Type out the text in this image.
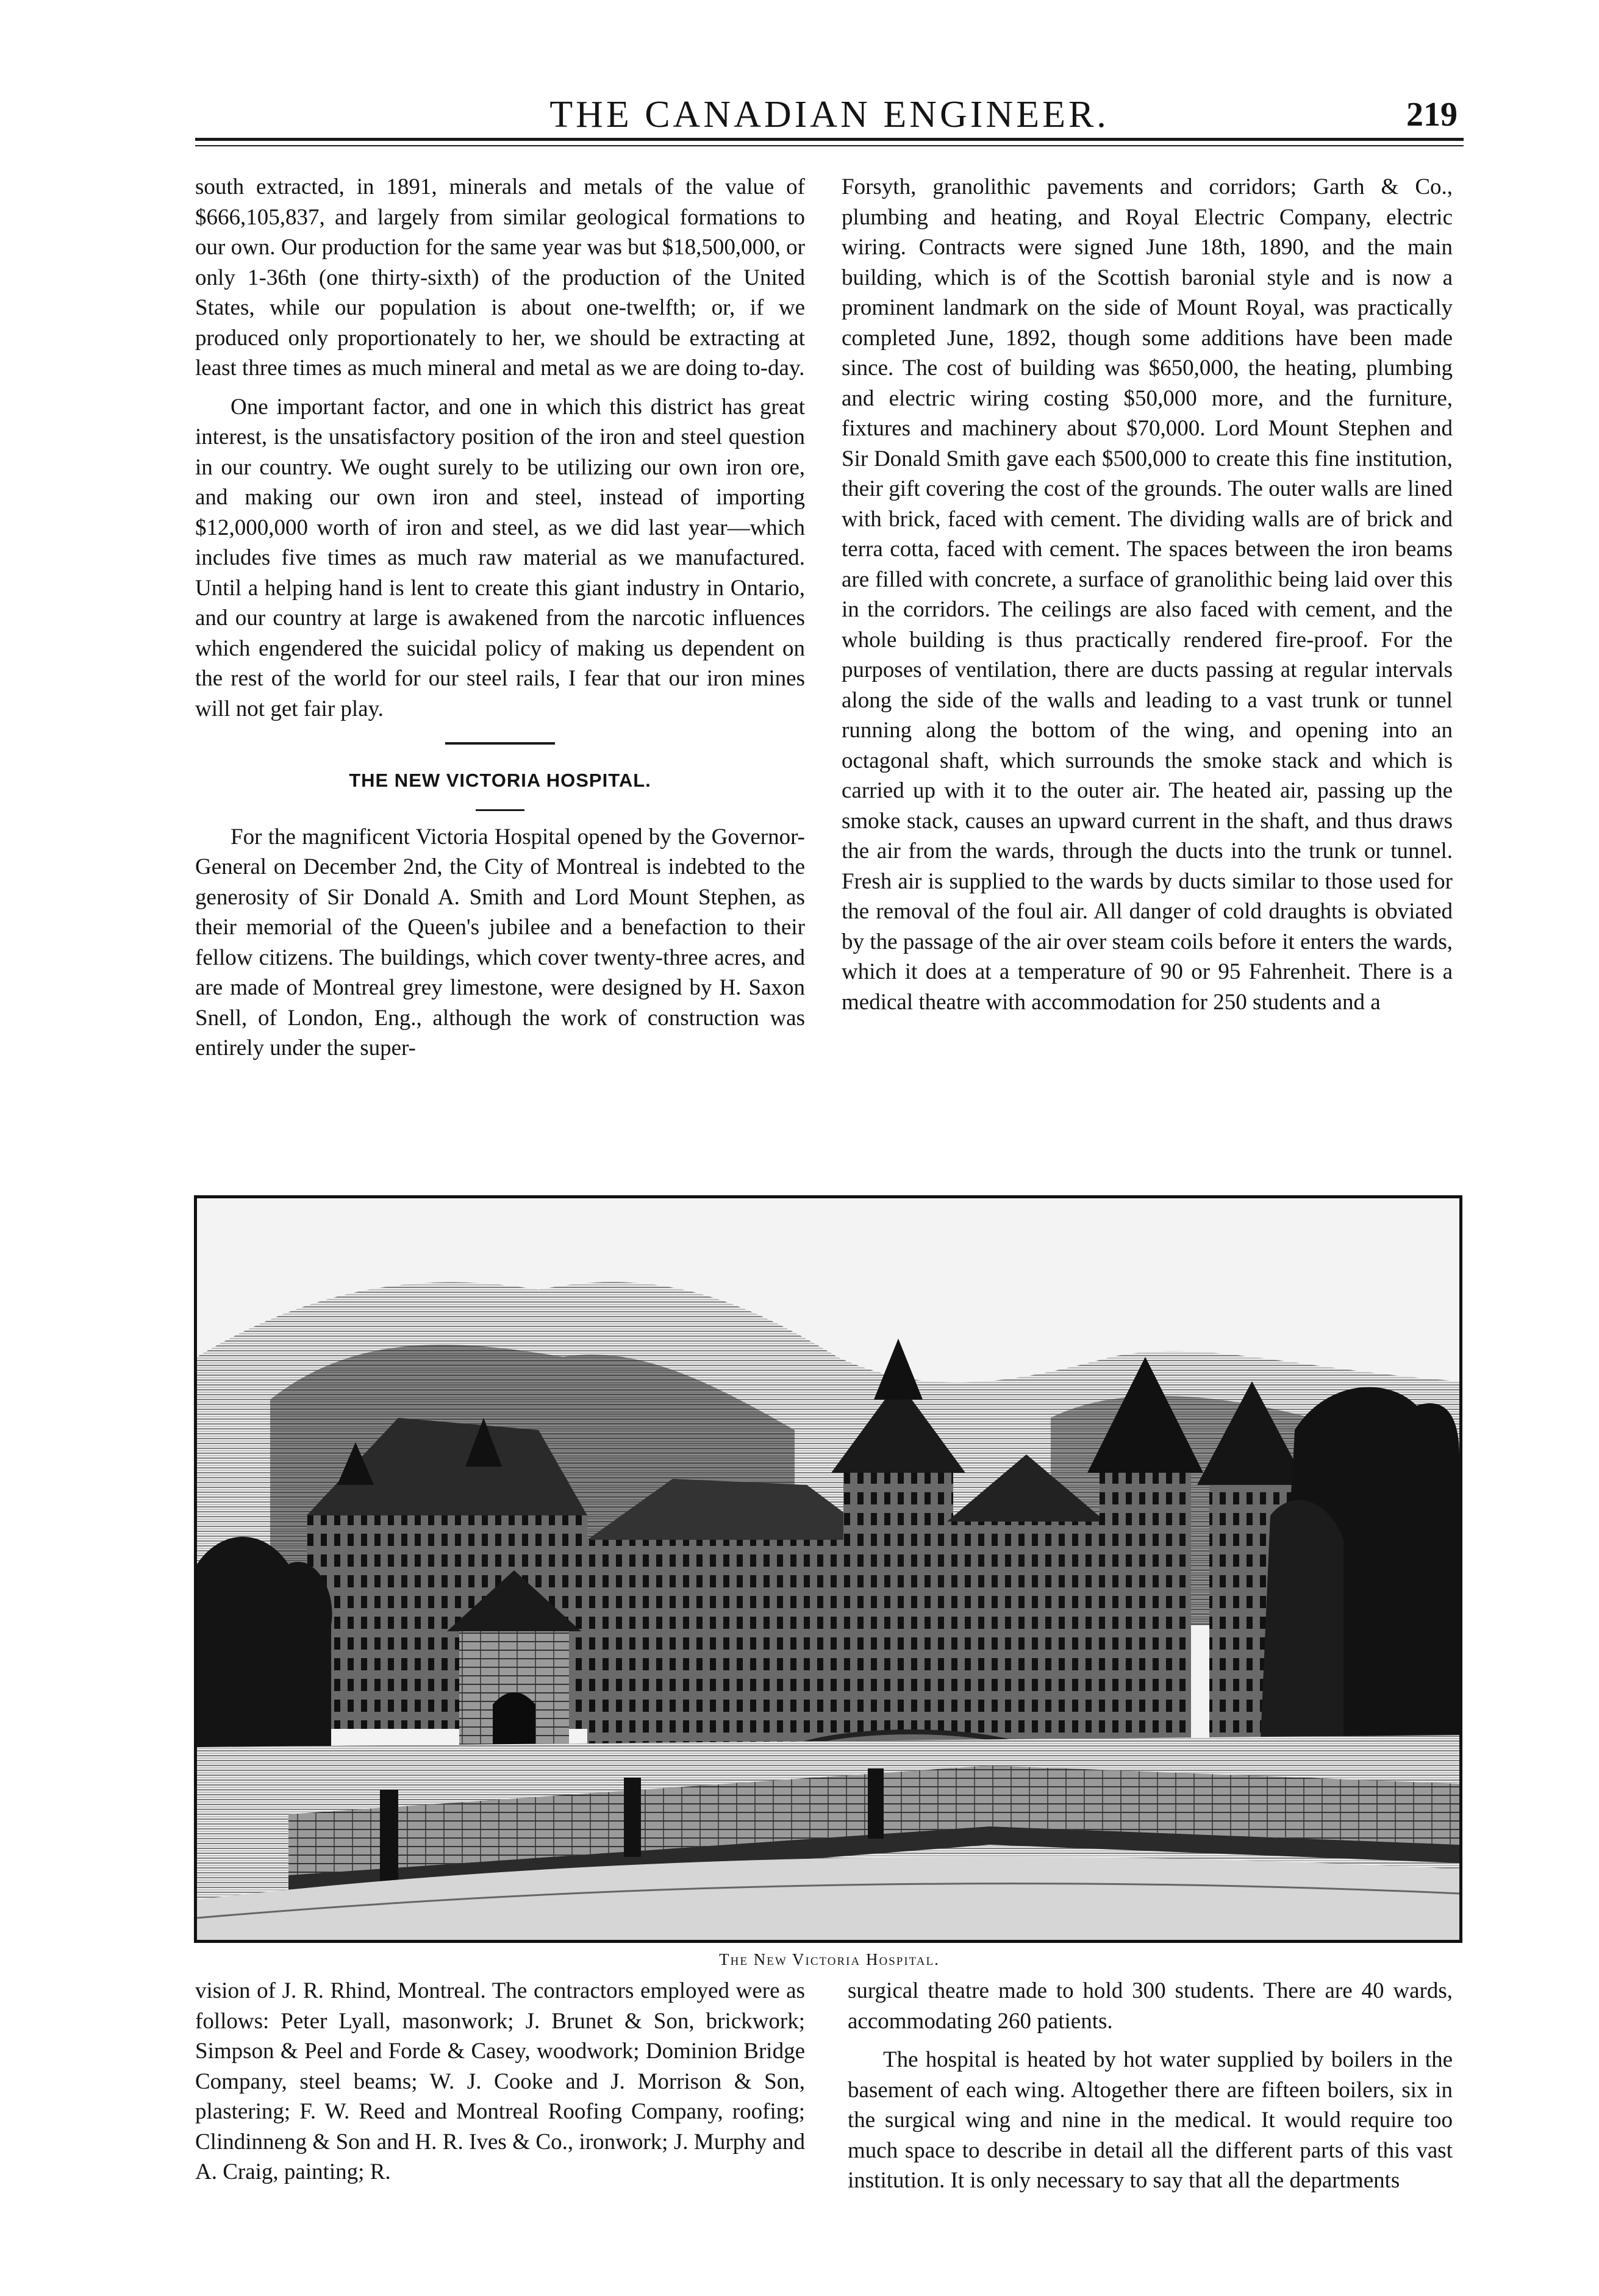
THE CANADIAN ENGINEER.	219

south extracted, in 1891, minerals and metals of the value of $666,105,837, and largely from similar geological formations to our own. Our production for the same year was but $18,500,000, or only 1-36th (one thirty-sixth) of the production of the United States, while our population is about one-twelfth; or, if we produced only proportionately to her, we should be extracting at least three times as much mineral and metal as we are doing to-day.

One important factor, and one in which this district has great interest, is the unsatisfactory position of the iron and steel question in our country. We ought surely to be utilizing our own iron ore, and making our own iron and steel, instead of importing $12,000,000 worth of iron and steel, as we did last year—which includes five times as much raw material as we manufactured. Until a helping hand is lent to create this giant industry in Ontario, and our country at large is awakened from the narcotic influences which engendered the suicidal policy of making us dependent on the rest of the world for our steel rails, I fear that our iron mines will not get fair play.

THE NEW VICTORIA HOSPITAL.

For the magnificent Victoria Hospital opened by the Governor-General on December 2nd, the City of Montreal is indebted to the generosity of Sir Donald A. Smith and Lord Mount Stephen, as their memorial of the Queen's jubilee and a benefaction to their fellow citizens. The buildings, which cover twenty-three acres, and are made of Montreal grey limestone, were designed by H. Saxon Snell, of London, Eng., although the work of construction was entirely under the super-

Forsyth, granolithic pavements and corridors; Garth & Co., plumbing and heating, and Royal Electric Company, electric wiring. Contracts were signed June 18th, 1890, and the main building, which is of the Scottish baronial style and is now a prominent landmark on the side of Mount Royal, was practically completed June, 1892, though some additions have been made since. The cost of building was $650,000, the heating, plumbing and electric wiring costing $50,000 more, and the furniture, fixtures and machinery about $70,000. Lord Mount Stephen and Sir Donald Smith gave each $500,000 to create this fine institution, their gift covering the cost of the grounds. The outer walls are lined with brick, faced with cement. The dividing walls are of brick and terra cotta, faced with cement. The spaces between the iron beams are filled with concrete, a surface of granolithic being laid over this in the corridors. The ceilings are also faced with cement, and the whole building is thus practically rendered fire-proof. For the purposes of ventilation, there are ducts passing at regular intervals along the side of the walls and leading to a vast trunk or tunnel running along the bottom of the wing, and opening into an octagonal shaft, which surrounds the smoke stack and which is carried up with it to the outer air. The heated air, passing up the smoke stack, causes an upward current in the shaft, and thus draws the air from the wards, through the ducts into the trunk or tunnel. Fresh air is supplied to the wards by ducts similar to those used for the removal of the foul air. All danger of cold draughts is obviated by the passage of the air over steam coils before it enters the wards, which it does at a temperature of 90 or 95 Fahrenheit. There is a medical theatre with accommodation for 250 students and a

The New Victoria Hospital.

vision of J. R. Rhind, Montreal. The contractors employed were as follows: Peter Lyall, masonwork; J. Brunet & Son, brickwork; Simpson & Peel and Forde & Casey, woodwork; Dominion Bridge Company, steel beams; W. J. Cooke and J. Morrison & Son, plastering; F. W. Reed and Montreal Roofing Company, roofing; Clindinneng & Son and H. R. Ives & Co., ironwork; J. Murphy and A. Craig, painting; R.

surgical theatre made to hold 300 students. There are 40 wards, accommodating 260 patients.

The hospital is heated by hot water supplied by boilers in the basement of each wing. Altogether there are fifteen boilers, six in the surgical wing and nine in the medical. It would require too much space to describe in detail all the different parts of this vast institution. It is only necessary to say that all the departments
